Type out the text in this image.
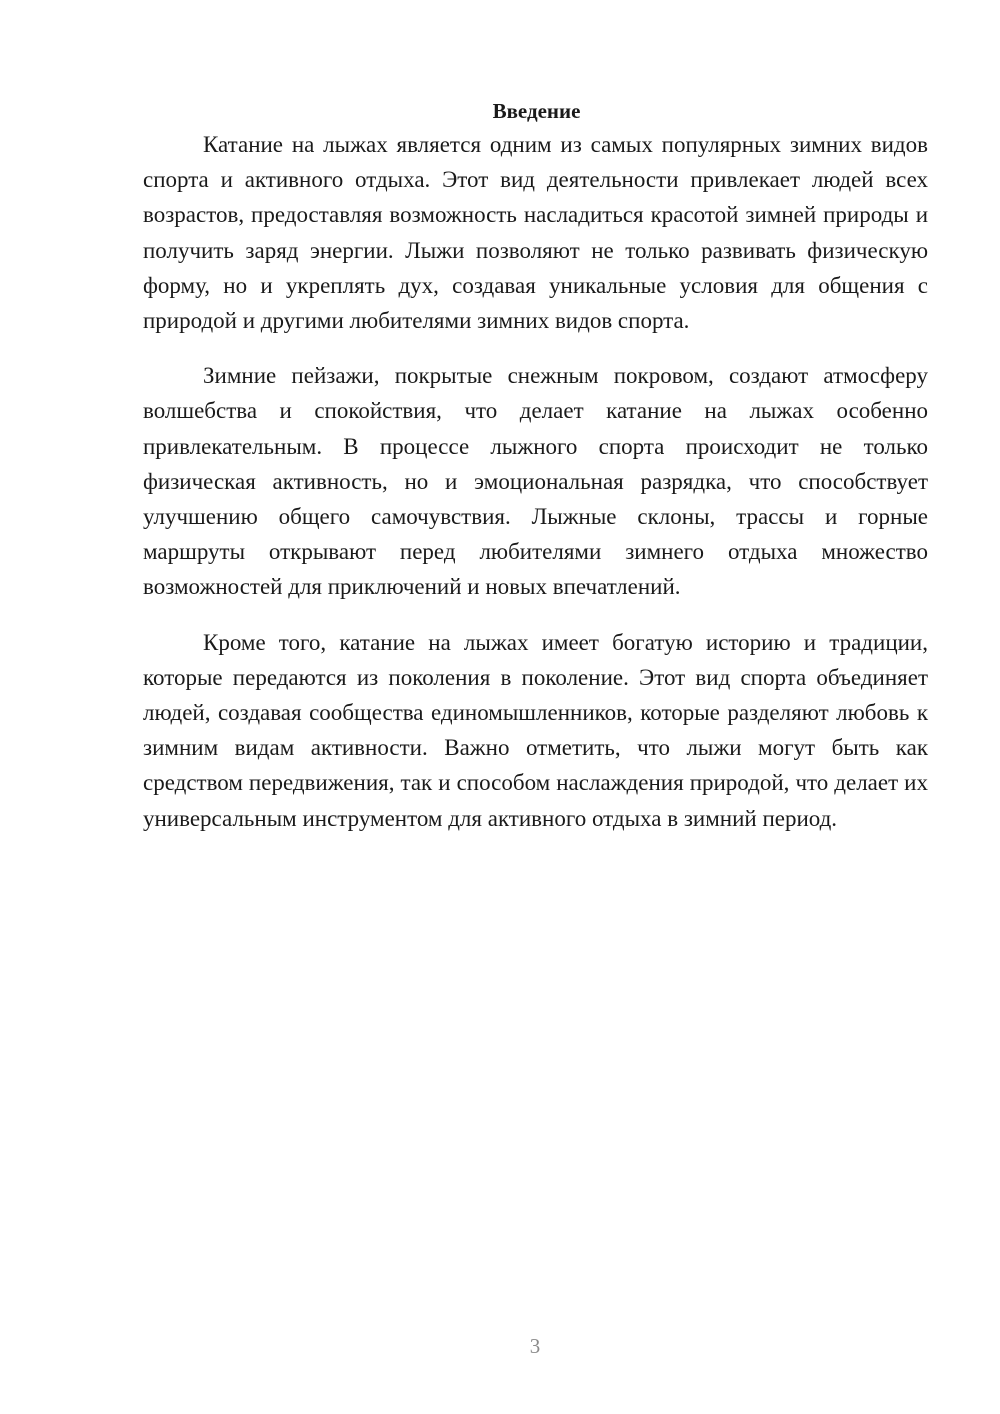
Введение

Катание на лыжах является одним из самых популярных зимних видов спорта и активного отдыха. Этот вид деятельности привлекает людей всех возрастов, предоставляя возможность насладиться красотой зимней природы и получить заряд энергии. Лыжи позволяют не только развивать физическую форму, но и укреплять дух, создавая уникальные условия для общения с природой и другими любителями зимних видов спорта.

Зимние пейзажи, покрытые снежным покровом, создают атмосферу волшебства и спокойствия, что делает катание на лыжах особенно привлекательным. В процессе лыжного спорта происходит не только физическая активность, но и эмоциональная разрядка, что способствует улучшению общего самочувствия. Лыжные склоны, трассы и горные маршруты открывают перед любителями зимнего отдыха множество возможностей для приключений и новых впечатлений.

Кроме того, катание на лыжах имеет богатую историю и традиции, которые передаются из поколения в поколение. Этот вид спорта объединяет людей, создавая сообщества единомышленников, которые разделяют любовь к зимним видам активности. Важно отметить, что лыжи могут быть как средством передвижения, так и способом наслаждения природой, что делает их универсальным инструментом для активного отдыха в зимний период.

3
